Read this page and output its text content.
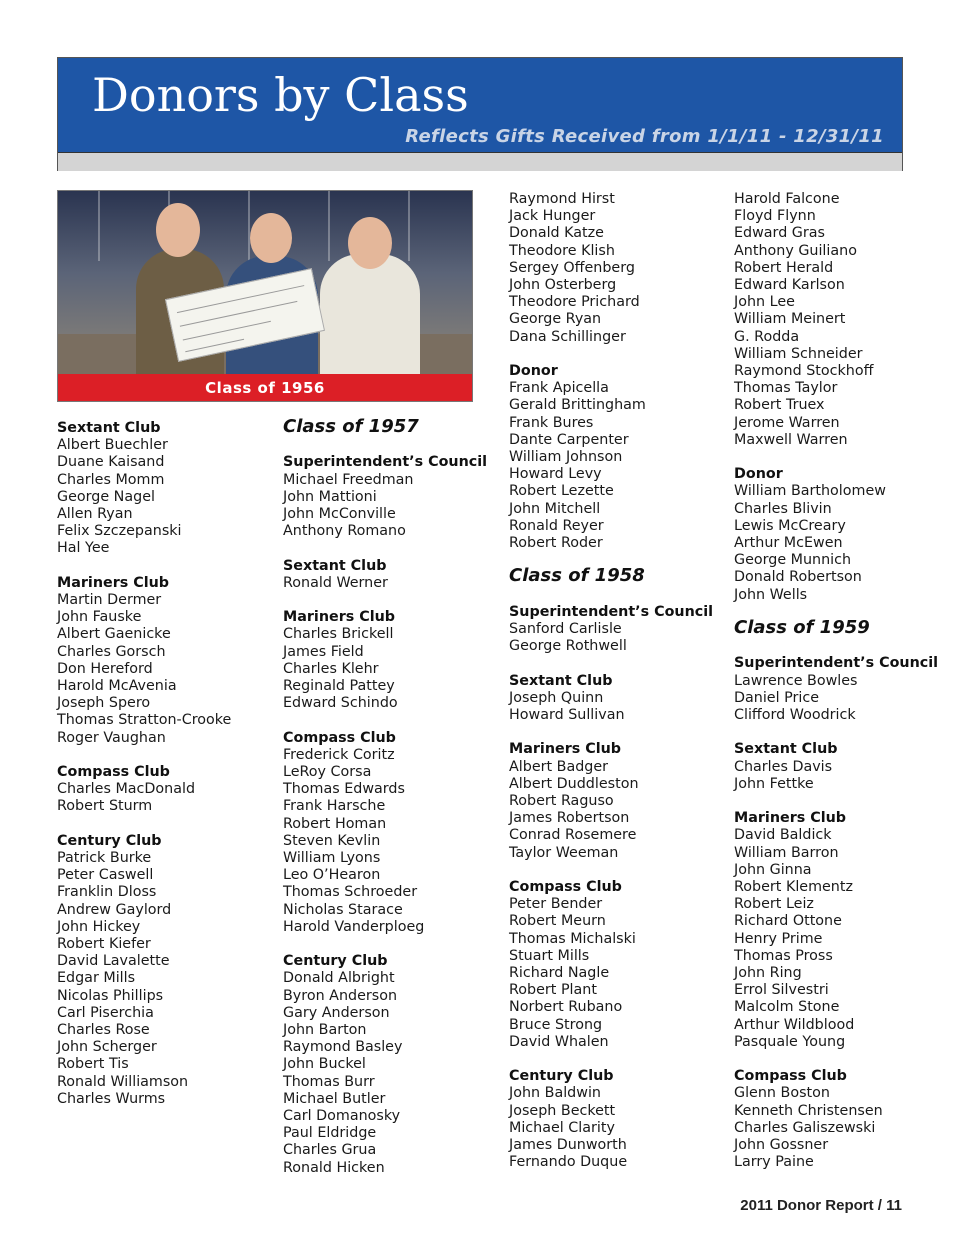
Donors by Class
Reflects Gifts Received from 1/1/11 - 12/31/11
Class of 1956
Sextant Club
Albert Buechler
Duane Kaisand
Charles Momm
George Nagel
Allen Ryan
Felix Szczepanski
Hal Yee
Mariners Club
Martin Dermer
John Fauske
Albert Gaenicke
Charles Gorsch
Don Hereford
Harold McAvenia
Joseph Spero
Thomas Stratton-Crooke
Roger Vaughan
Compass Club
Charles MacDonald
Robert Sturm
Century Club
Patrick Burke
Peter Caswell
Franklin Dloss
Andrew Gaylord
John Hickey
Robert Kiefer
David Lavalette
Edgar Mills
Nicolas Phillips
Carl Piserchia
Charles Rose
John Scherger
Robert Tis
Ronald Williamson
Charles Wurms
Class of 1957
Superintendent’s Council
Michael Freedman
John Mattioni
John McConville
Anthony Romano
Sextant Club
Ronald Werner
Mariners Club
Charles Brickell
James Field
Charles Klehr
Reginald Pattey
Edward Schindo
Compass Club
Frederick Coritz
LeRoy Corsa
Thomas Edwards
Frank Harsche
Robert Homan
Steven Kevlin
William Lyons
Leo O’Hearon
Thomas Schroeder
Nicholas Starace
Harold Vanderploeg
Century Club
Donald Albright
Byron Anderson
Gary Anderson
John Barton
Raymond Basley
John Buckel
Thomas Burr
Michael Butler
Carl Domanosky
Paul Eldridge
Charles Grua
Ronald Hicken
Raymond Hirst
Jack Hunger
Donald Katze
Theodore Klish
Sergey Offenberg
John Osterberg
Theodore Prichard
George Ryan
Dana Schillinger
Donor
Frank Apicella
Gerald Brittingham
Frank Bures
Dante Carpenter
William Johnson
Howard Levy
Robert Lezette
John Mitchell
Ronald Reyer
Robert Roder
Class of 1958
Superintendent’s Council
Sanford Carlisle
George Rothwell
Sextant Club
Joseph Quinn
Howard Sullivan
Mariners Club
Albert Badger
Albert Duddleston
Robert Raguso
James Robertson
Conrad Rosemere
Taylor Weeman
Compass Club
Peter Bender
Robert Meurn
Thomas Michalski
Stuart Mills
Richard Nagle
Robert Plant
Norbert Rubano
Bruce Strong
David Whalen
Century Club
John Baldwin
Joseph Beckett
Michael Clarity
James Dunworth
Fernando Duque
Harold Falcone
Floyd Flynn
Edward Gras
Anthony Guiliano
Robert Herald
Edward Karlson
John Lee
William Meinert
G. Rodda
William Schneider
Raymond Stockhoff
Thomas Taylor
Robert Truex
Jerome Warren
Maxwell Warren
Donor
William Bartholomew
Charles Blivin
Lewis McCreary
Arthur McEwen
George Munnich
Donald Robertson
John Wells
Class of 1959
Superintendent’s Council
Lawrence Bowles
Daniel Price
Clifford Woodrick
Sextant Club
Charles Davis
John Fettke
Mariners Club
David Baldick
William Barron
John Ginna
Robert Klementz
Robert Leiz
Richard Ottone
Henry Prime
Thomas Pross
John Ring
Errol Silvestri
Malcolm Stone
Arthur Wildblood
Pasquale Young
Compass Club
Glenn Boston
Kenneth Christensen
Charles Galiszewski
John Gossner
Larry Paine
2011 Donor Report / 11
